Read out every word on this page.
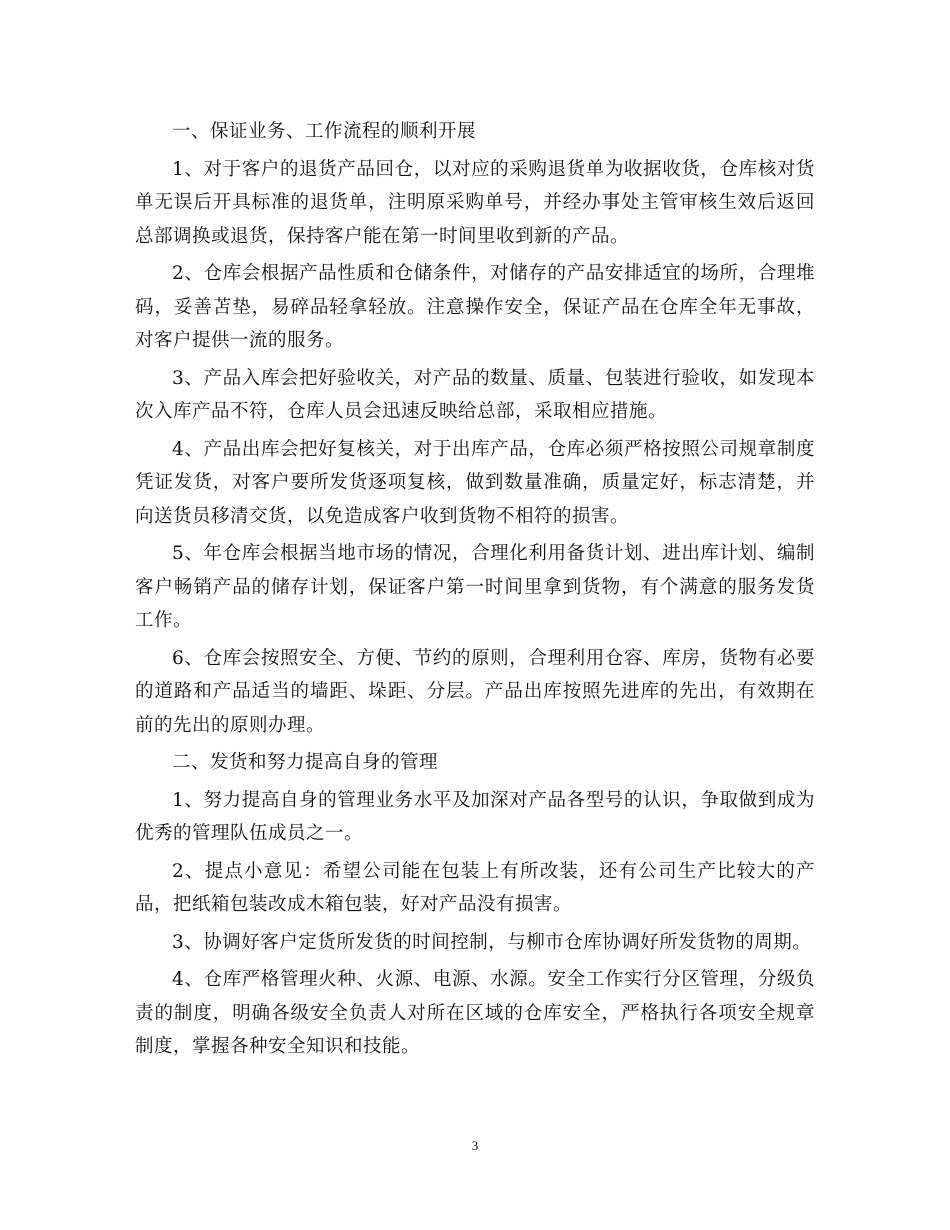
一、保证业务、工作流程的顺利开展

1、对于客户的退货产品回仓，以对应的采购退货单为收据收货，仓库核对货单无误后开具标准的退货单，注明原采购单号，并经办事处主管审核生效后返回总部调换或退货，保持客户能在第一时间里收到新的产品。

2、仓库会根据产品性质和仓储条件，对储存的产品安排适宜的场所，合理堆码，妥善苫垫，易碎品轻拿轻放。注意操作安全，保证产品在仓库全年无事故，对客户提供一流的服务。

3、产品入库会把好验收关，对产品的数量、质量、包装进行验收，如发现本次入库产品不符，仓库人员会迅速反映给总部，采取相应措施。

4、产品出库会把好复核关，对于出库产品，仓库必须严格按照公司规章制度凭证发货，对客户要所发货逐项复核，做到数量准确，质量定好，标志清楚，并向送货员移清交货，以免造成客户收到货物不相符的损害。

5、年仓库会根据当地市场的情况，合理化利用备货计划、进出库计划、编制客户畅销产品的储存计划，保证客户第一时间里拿到货物，有个满意的服务发货工作。

6、仓库会按照安全、方便、节约的原则，合理利用仓容、库房，货物有必要的道路和产品适当的墙距、垛距、分层。产品出库按照先进库的先出，有效期在前的先出的原则办理。

二、发货和努力提高自身的管理

1、努力提高自身的管理业务水平及加深对产品各型号的认识，争取做到成为优秀的管理队伍成员之一。

2、提点小意见：希望公司能在包装上有所改装，还有公司生产比较大的产品，把纸箱包装改成木箱包装，好对产品没有损害。

3、协调好客户定货所发货的时间控制，与柳市仓库协调好所发货物的周期。

4、仓库严格管理火种、火源、电源、水源。安全工作实行分区管理，分级负责的制度，明确各级安全负责人对所在区域的仓库安全，严格执行各项安全规章制度，掌握各种安全知识和技能。

3
